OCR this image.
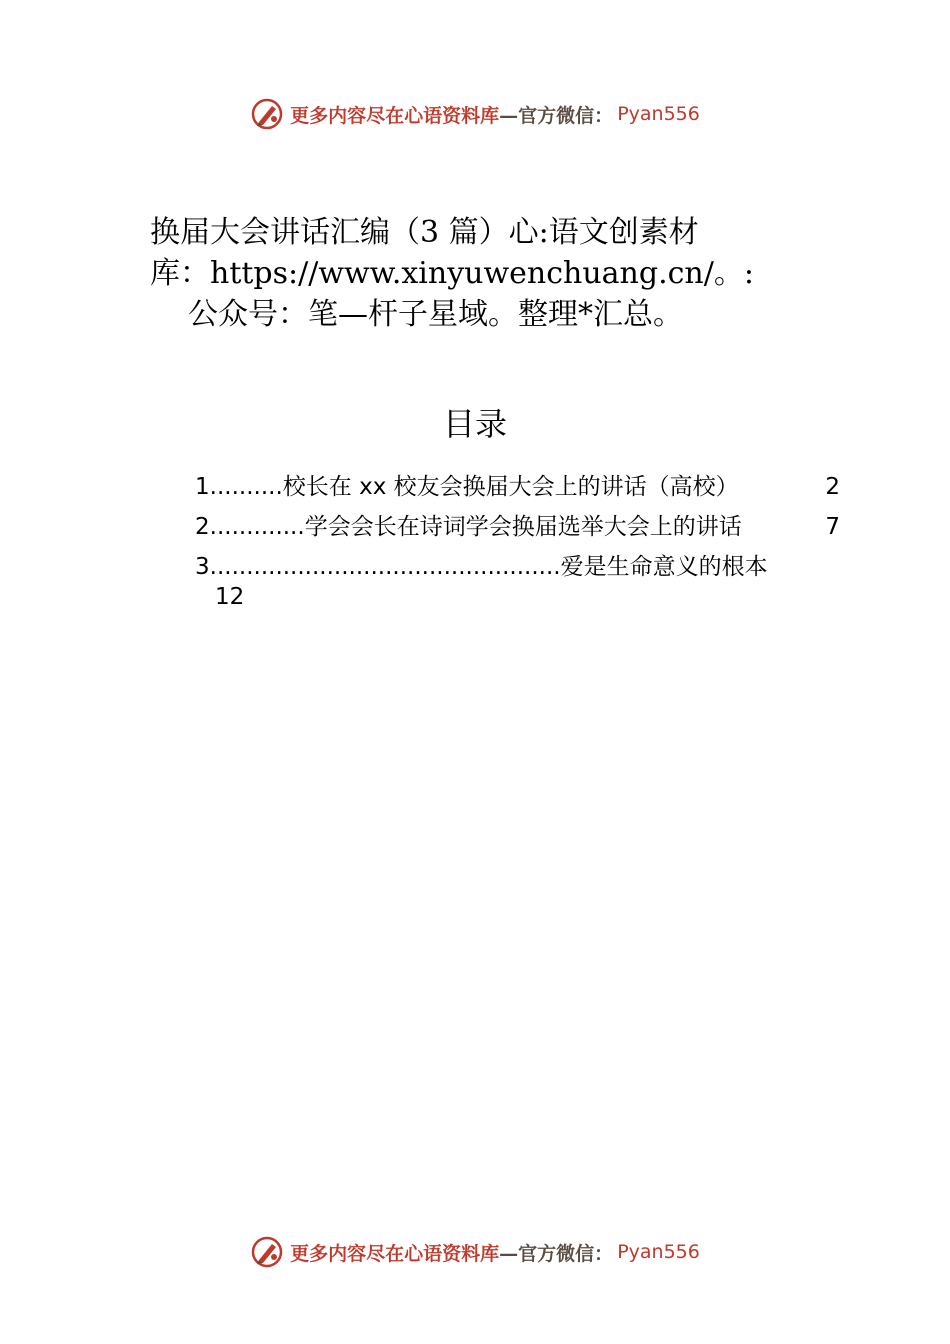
更多内容尽在心语资料库 —官方微信： Pyan556
换届大会讲话汇编（3 篇）心:语文创素材
库：https://www.xinyuwenchuang.cn/。:
公众号：笔—杆子星域。整理*汇总。
目录
1..........校长在 xx 校友会换届大会上的讲话（高校）	2
2.............学会会长在诗词学会换届选举大会上的讲话	7
3................................................爱是生命意义的根本
12
更多内容尽在心语资料库 —官方微信： Pyan556
